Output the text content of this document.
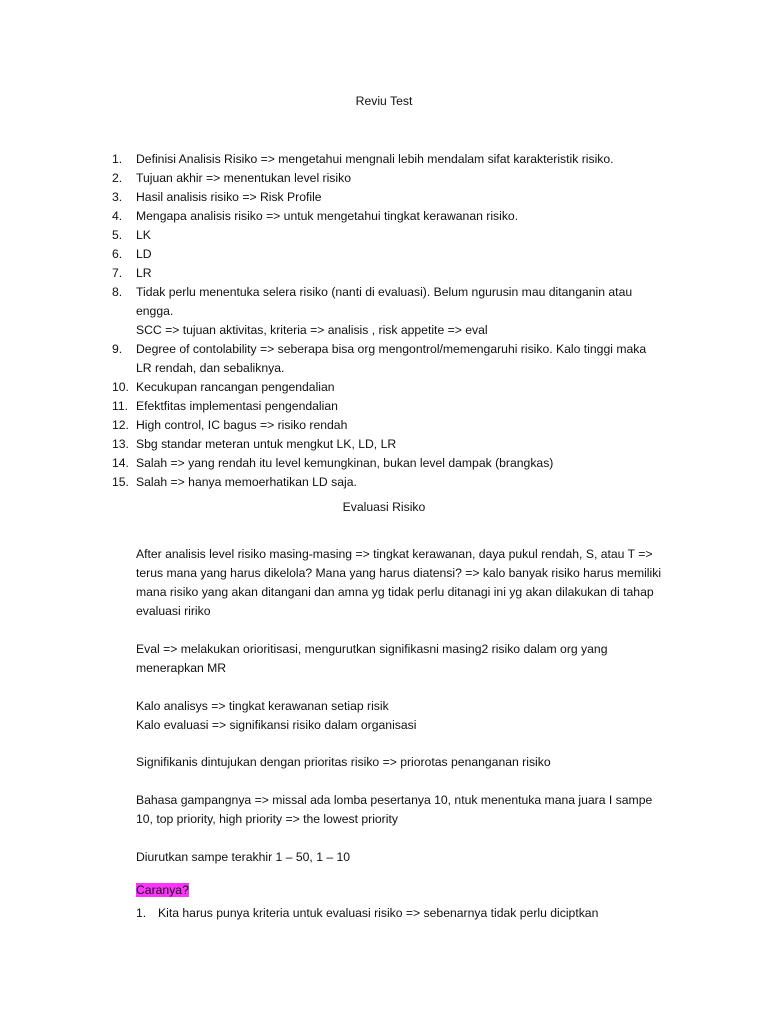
Reviu Test
1.	Definisi Analisis Risiko => mengetahui mengnali lebih mendalam sifat karakteristik risiko.
2.	Tujuan akhir => menentukan level risiko
3.	Hasil analisis risiko => Risk Profile
4.	Mengapa analisis risiko => untuk mengetahui tingkat kerawanan risiko.
5.	LK
6.	LD
7.	LR
8.	Tidak perlu menentuka selera risiko (nanti di evaluasi). Belum ngurusin mau ditanganin atau
engga.
SCC => tujuan aktivitas, kriteria => analisis , risk appetite => eval
9.	Degree of contolability => seberapa bisa org mengontrol/memengaruhi risiko. Kalo tinggi maka
LR rendah, dan sebaliknya.
10. Kecukupan rancangan pengendalian
11. Efektfitas implementasi pengendalian
12. High control, IC bagus => risiko rendah
13. Sbg standar meteran untuk mengkut LK, LD, LR
14. Salah => yang rendah itu level kemungkinan, bukan level dampak (brangkas)
15. Salah => hanya memoerhatikan LD saja.
Evaluasi Risiko
After analisis level risiko masing-masing => tingkat kerawanan, daya pukul rendah, S, atau T =>
terus mana yang harus dikelola? Mana yang harus diatensi? => kalo banyak risiko harus memiliki
mana risiko yang akan ditangani dan amna yg tidak perlu ditanagi ini yg akan dilakukan di tahap
evaluasi ririko
Eval => melakukan orioritisasi, mengurutkan signifikasni masing2 risiko dalam org yang
menerapkan MR
Kalo analisys => tingkat kerawanan setiap risik
Kalo evaluasi => signifikansi risiko dalam organisasi
Signifikanis dintujukan dengan prioritas risiko => priorotas penanganan risiko
Bahasa gampangnya => missal ada lomba pesertanya 10, ntuk menentuka mana juara I sampe
10, top priority, high priority => the lowest priority
Diurutkan sampe terakhir 1 – 50, 1 – 10
Caranya?
1. Kita harus punya kriteria untuk evaluasi risiko => sebenarnya tidak perlu diciptkan
